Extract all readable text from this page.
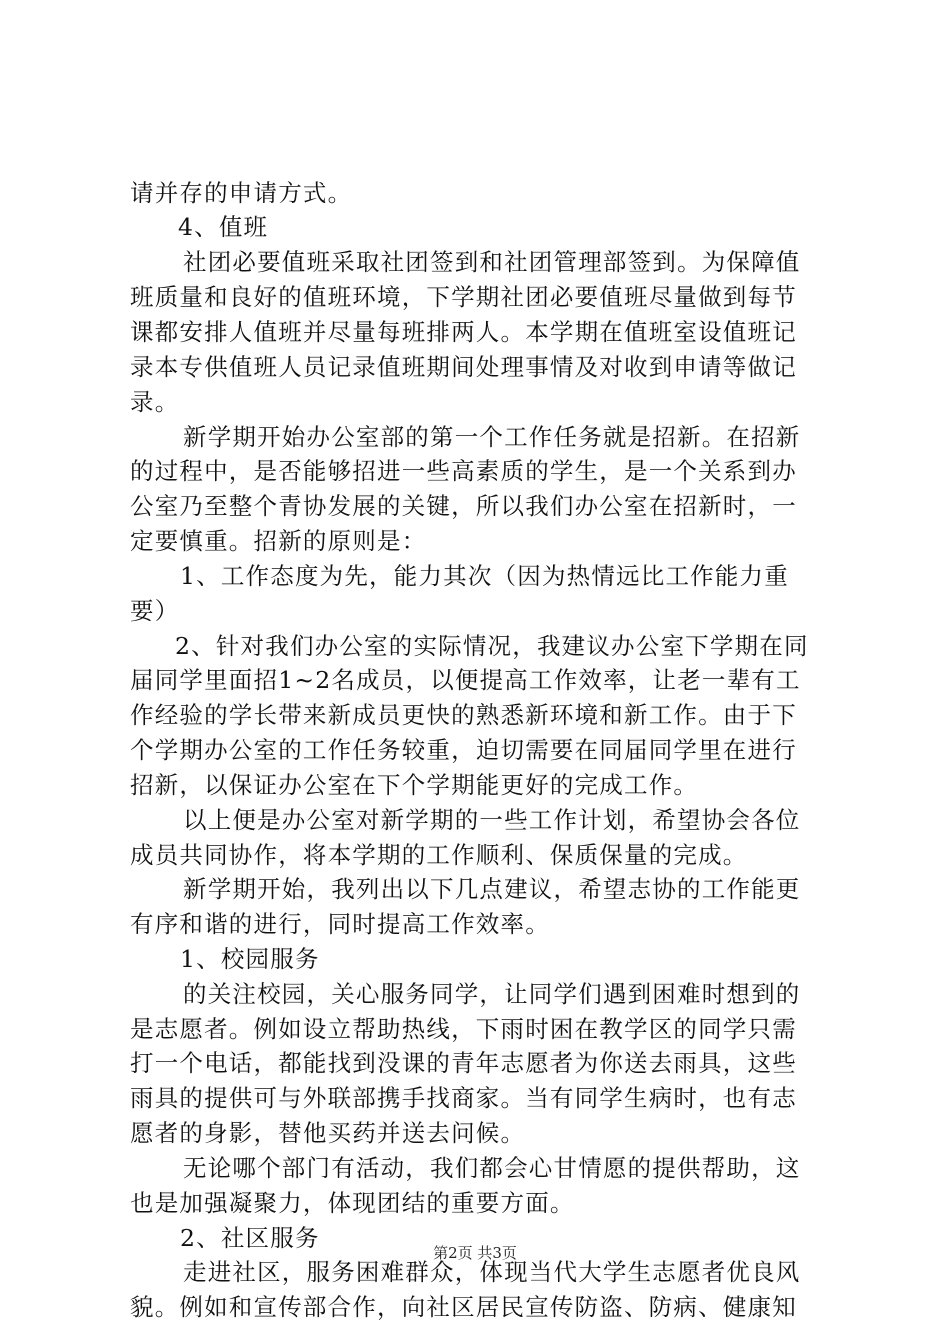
请并存的申请方式。
4、值班
社团必要值班采取社团签到和社团管理部签到。为保障值
班质量和良好的值班环境，下学期社团必要值班尽量做到每节
课都安排人值班并尽量每班排两人。本学期在值班室设值班记
录本专供值班人员记录值班期间处理事情及对收到申请等做记
录。
新学期开始办公室部的第一个工作任务就是招新。在招新
的过程中，是否能够招进一些高素质的学生，是一个关系到办
公室乃至整个青协发展的关键，所以我们办公室在招新时，一
定要慎重。招新的原则是：
1、工作态度为先，能力其次（因为热情远比工作能力重
要）
2、针对我们办公室的实际情况，我建议办公室下学期在同
届同学里面招1~2名成员，以便提高工作效率，让老一辈有工
作经验的学长带来新成员更快的熟悉新环境和新工作。由于下
个学期办公室的工作任务较重，迫切需要在同届同学里在进行
招新，以保证办公室在下个学期能更好的完成工作。
以上便是办公室对新学期的一些工作计划，希望协会各位
成员共同协作，将本学期的工作顺利、保质保量的完成。
新学期开始，我列出以下几点建议，希望志协的工作能更
有序和谐的进行，同时提高工作效率。
1、校园服务
的关注校园，关心服务同学，让同学们遇到困难时想到的
是志愿者。例如设立帮助热线，下雨时困在教学区的同学只需
打一个电话，都能找到没课的青年志愿者为你送去雨具，这些
雨具的提供可与外联部携手找商家。当有同学生病时，也有志
愿者的身影，替他买药并送去问候。
无论哪个部门有活动，我们都会心甘情愿的提供帮助，这
也是加强凝聚力，体现团结的重要方面。
2、社区服务
走进社区，服务困难群众，体现当代大学生志愿者优良风
貌。例如和宣传部合作，向社区居民宣传防盗、防病、健康知
第2页 共3页
